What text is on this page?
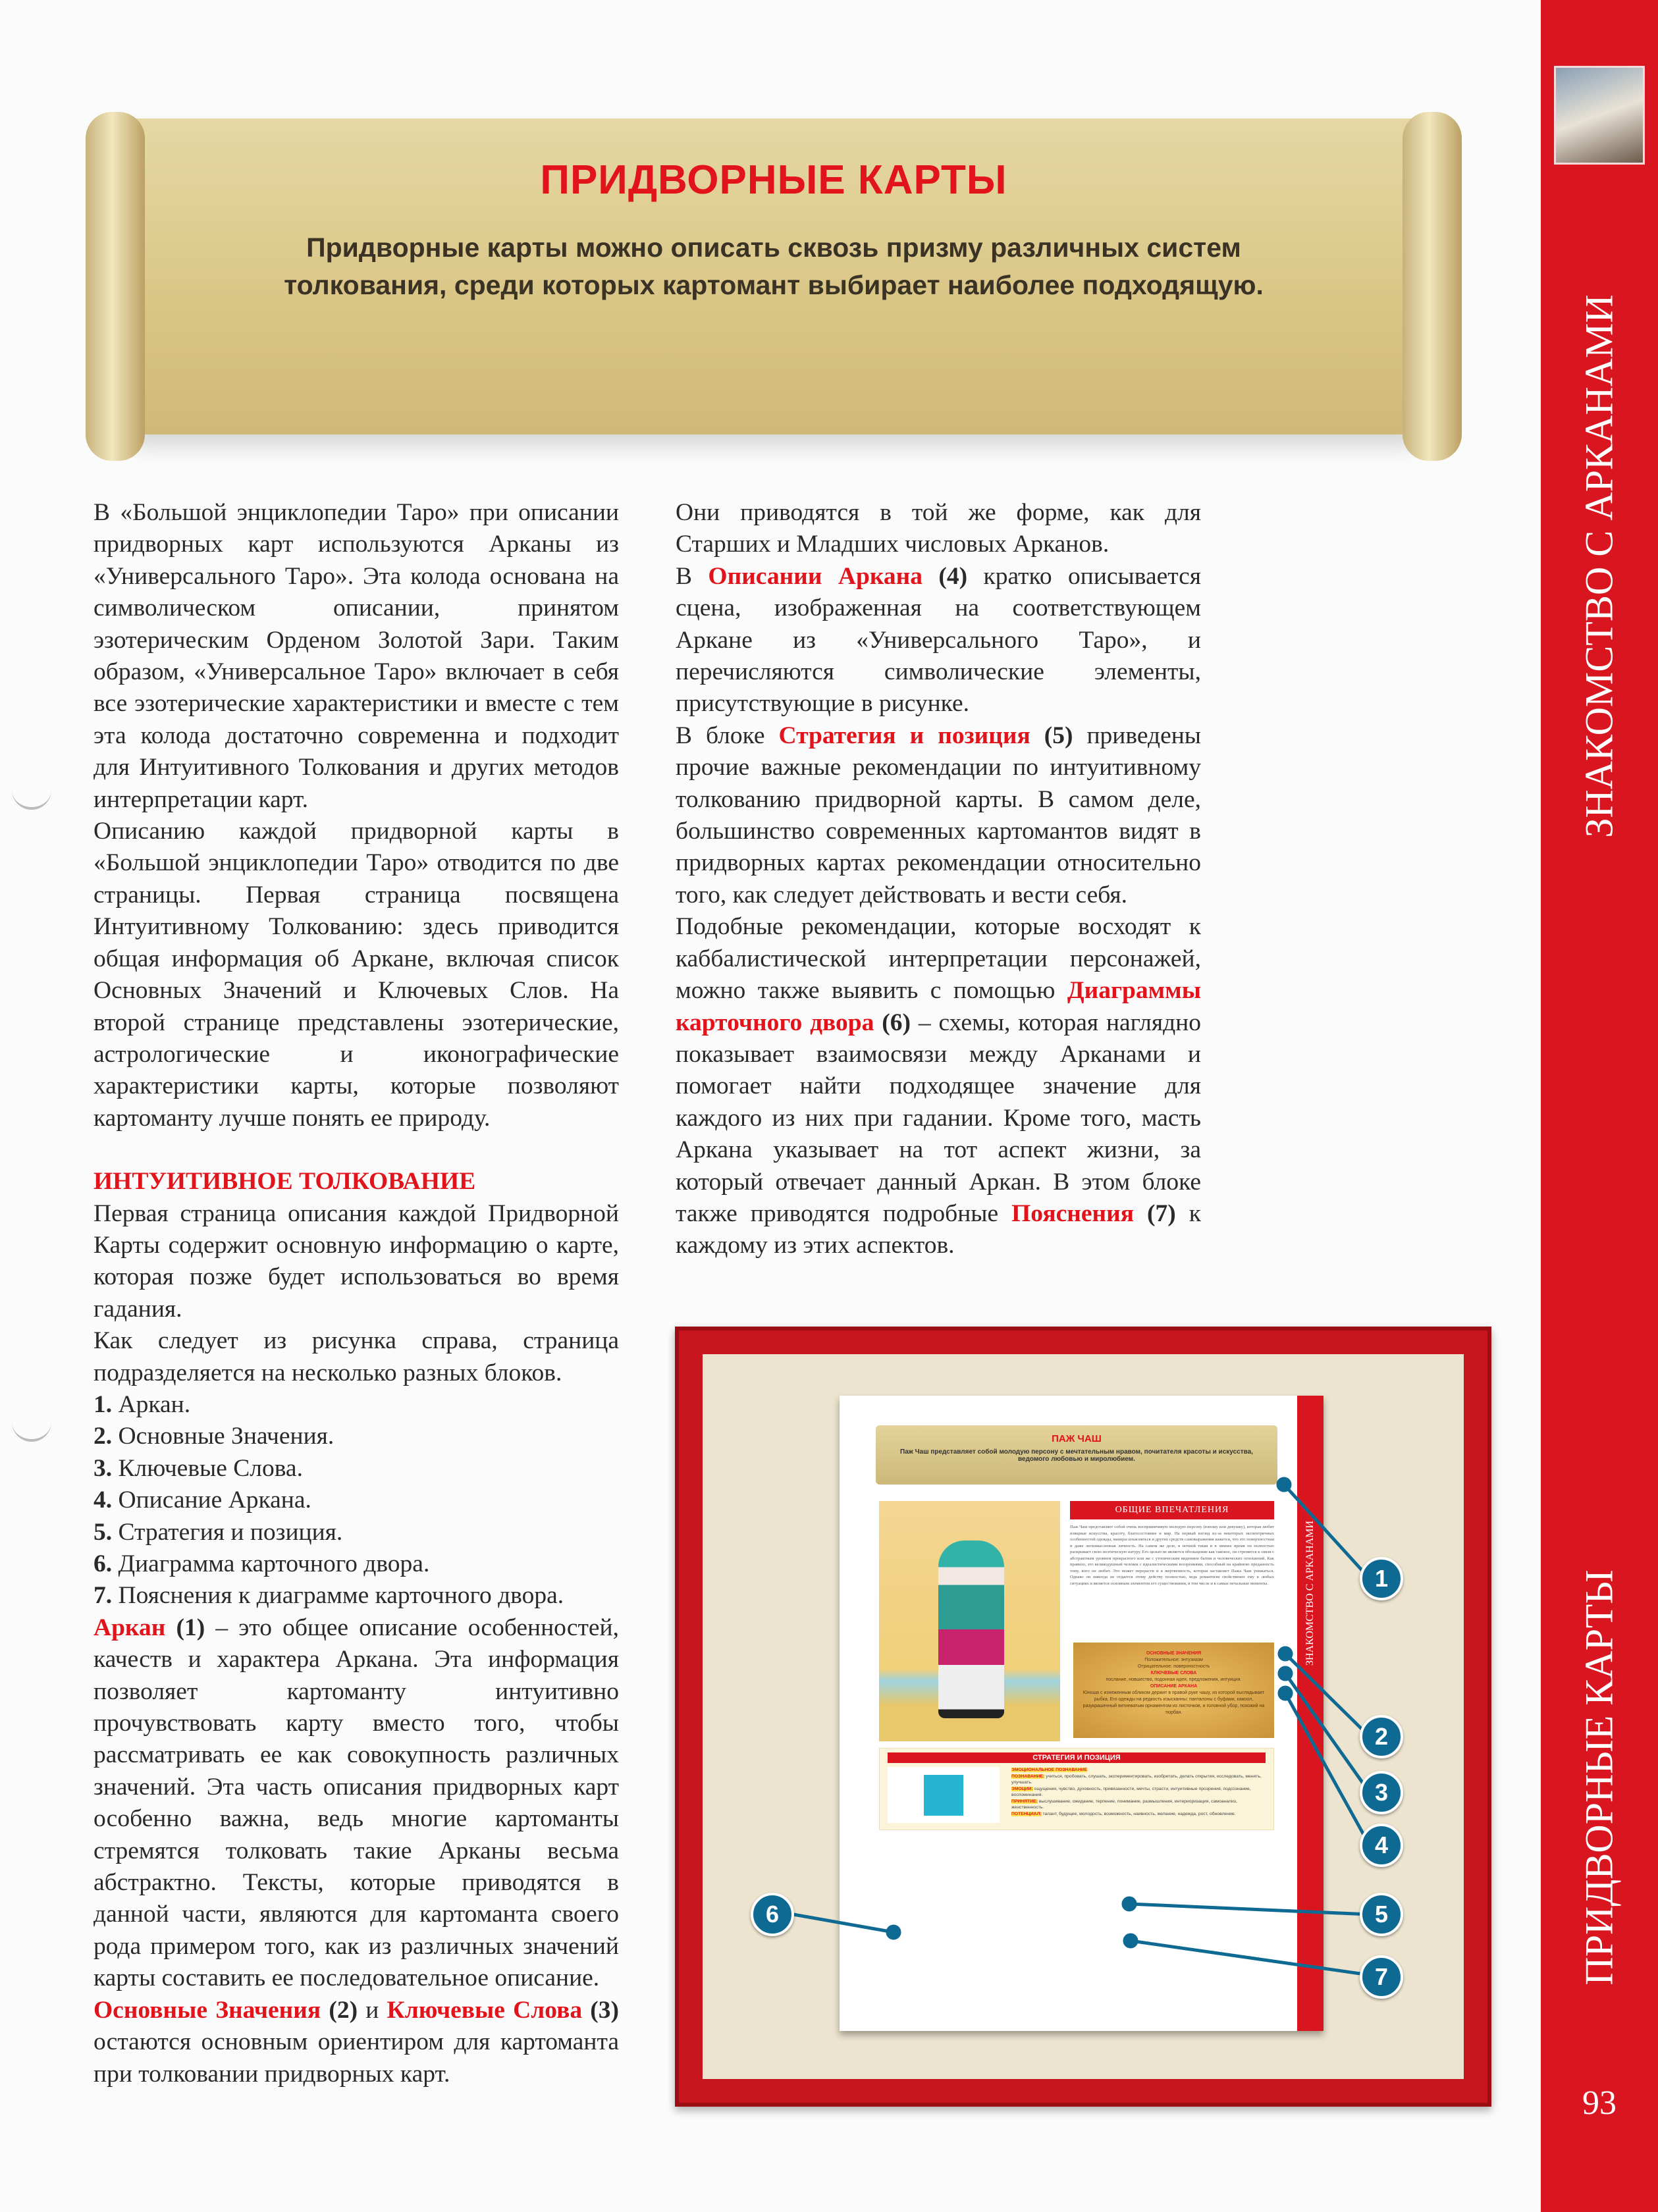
ПРИДВОРНЫЕ КАРТЫ

Придворные карты можно описать сквозь призму различных систем толкования, среди которых картомант выбирает наиболее подходящую.

В «Большой энциклопедии Таро» при описании придворных карт используются Арканы из «Универсального Таро». Эта колода основана на символическом описании, принятом эзотерическим Орденом Золотой Зари. Таким образом, «Универсальное Таро» включает в себя все эзотерические характеристики и вместе с тем эта колода достаточно современна и подходит для Интуитивного Толкования и других методов интерпретации карт.

Описанию каждой придворной карты в «Большой энциклопедии Таро» отводится по две страницы. Первая страница посвящена Интуитивному Толкованию: здесь приводится общая информация об Аркане, включая список Основных Значений и Ключевых Слов. На второй странице представлены эзотерические, астрологические и иконографические характеристики карты, которые позволяют картоманту лучше понять ее природу.

ИНТУИТИВНОЕ ТОЛКОВАНИЕ

Первая страница описания каждой Придворной Карты содержит основную информацию о карте, которая позже будет использоваться во время гадания.

Как следует из рисунка справа, страница подразделяется на несколько разных блоков.

1. Аркан.

2. Основные Значения.

3. Ключевые Слова.

4. Описание Аркана.

5. Стратегия и позиция.

6. Диаграмма карточного двора.

7. Пояснения к диаграмме карточного двора.

Аркан (1) – это общее описание особенностей, качеств и характера Аркана. Эта информация позволяет картоманту интуитивно прочувствовать карту вместо того, чтобы рассматривать ее как совокупность различных значений. Эта часть описания придворных карт особенно важна, ведь многие картоманты стремятся толковать такие Арканы весьма абстрактно. Тексты, которые приводятся в данной части, являются для картоманта своего рода примером того, как из различных значений карты составить ее последовательное описание.

Основные Значения (2) и Ключевые Слова (3) остаются основным ориентиром для картоманта при толковании придворных карт.

Они приводятся в той же форме, как для Старших и Младших числовых Арканов.

В Описании Аркана (4) кратко описывается сцена, изображенная на соответствующем Аркане из «Универсального Таро», и перечисляются символические элементы, присутствующие в рисунке.

В блоке Стратегия и позиция (5) приведены прочие важные рекомендации по интуитивному толкованию придворной карты. В самом деле, большинство современных картомантов видят в придворных картах рекомендации относительно того, как следует действовать и вести себя.

Подобные рекомендации, которые восходят к каббалистической интерпретации персонажей, можно также выявить с помощью Диаграммы карточного двора (6) – схемы, которая наглядно показывает взаимосвязи между Арканами и помогает найти подходящее значение для каждого из них при гадании. Кроме того, масть Аркана указывает на тот аспект жизни, за который отвечает данный Аркан. В этом блоке также приводятся подробные Пояснения (7) к каждому из этих аспектов.

ПАЖ ЧАШ

Паж Чаш представляет собой молодую персону с мечтательным нравом, почитателя красоты и искусства, ведомого любовью и миролюбием.

ОБЩИЕ ВПЕЧАТЛЕНИЯ
Паж Чаш представляет собой очень восприимчивую молодую персону (юношу или девушку), которая любит изящные искусства, красоту, благосостояние и мир. На первый взгляд из-за некоторых экспентричных особенностей одежды, манеры изъясняться и других средств самовыражения кажется, что это поверхностная и даже легкомысленная личность. На самом же деле, в ночной тиши и в зимнее время он полностью раскрывает свою поэтическую натуру. Его целью не является обольщение как таковое, он стремится к связи с абстрактным уровнем прекрасного или же с утопическим видением бытия и человеческих отношений. Как правило, это великодушный человек с идеалистическими воззрениями, способный на крайнюю преданность тому, кого он любит. Это может перерасти и в жертвенность, которая заставляет Пажа Чаш унижаться. Однако он никогда не отдается этому действу полностью, ведь романтизм свойственен ему в любых ситуациях и является основным элементом его существования, в том числе и в самые печальные моменты.
ОСНОВНЫЕ ЗНАЧЕНИЯ
Положительное: энтузиазм
Отрицательное: поверхностность
КЛЮЧЕВЫЕ СЛОВА
послание, новшество, подонная идея, предложения, интуиция.
ОПИСАНИЕ АРКАНА
Юноша с изнеженным обликом держит в правой руке чашу, из которой выглядывает рыбка. Его одежды на редкость изысканны: панталоны с буфами, камзол, разукрашенный витиеватым орнаментом из листочков, и головной убор, похожий на тюрбан.
СТРАТЕГИЯ И ПОЗИЦИЯ
ЭМОЦИОНАЛЬНОЕ ПОЗНАВАНИЕ
ПОЗНАВАНИЕ: учиться, пробовать, слушать, экспериментировать, изобретать, делать открытия, исследовать, менять, улучшать.
ЭМОЦИИ: ощущения, чувство, духовность, привязанности, мечты, страсти, интуитивные прозрения, подсознание, воспоминания.
ПРИНЯТИЕ: выслушивание, ожидание, терпение, понимание, размышления, интериоризация, самоанализ, женственность.
ПОТЕНЦИАЛ: талант, будущее, молодость, возможность, наивность, желание, надежда, рост, обновление.
ЗНАКОМСТВО С АРКАНАМИ	1
2
3
4
5
6
7
ЗНАКОМСТВО С АРКАНАМИ
ПРИДВОРНЫЕ КАРТЫ
93
